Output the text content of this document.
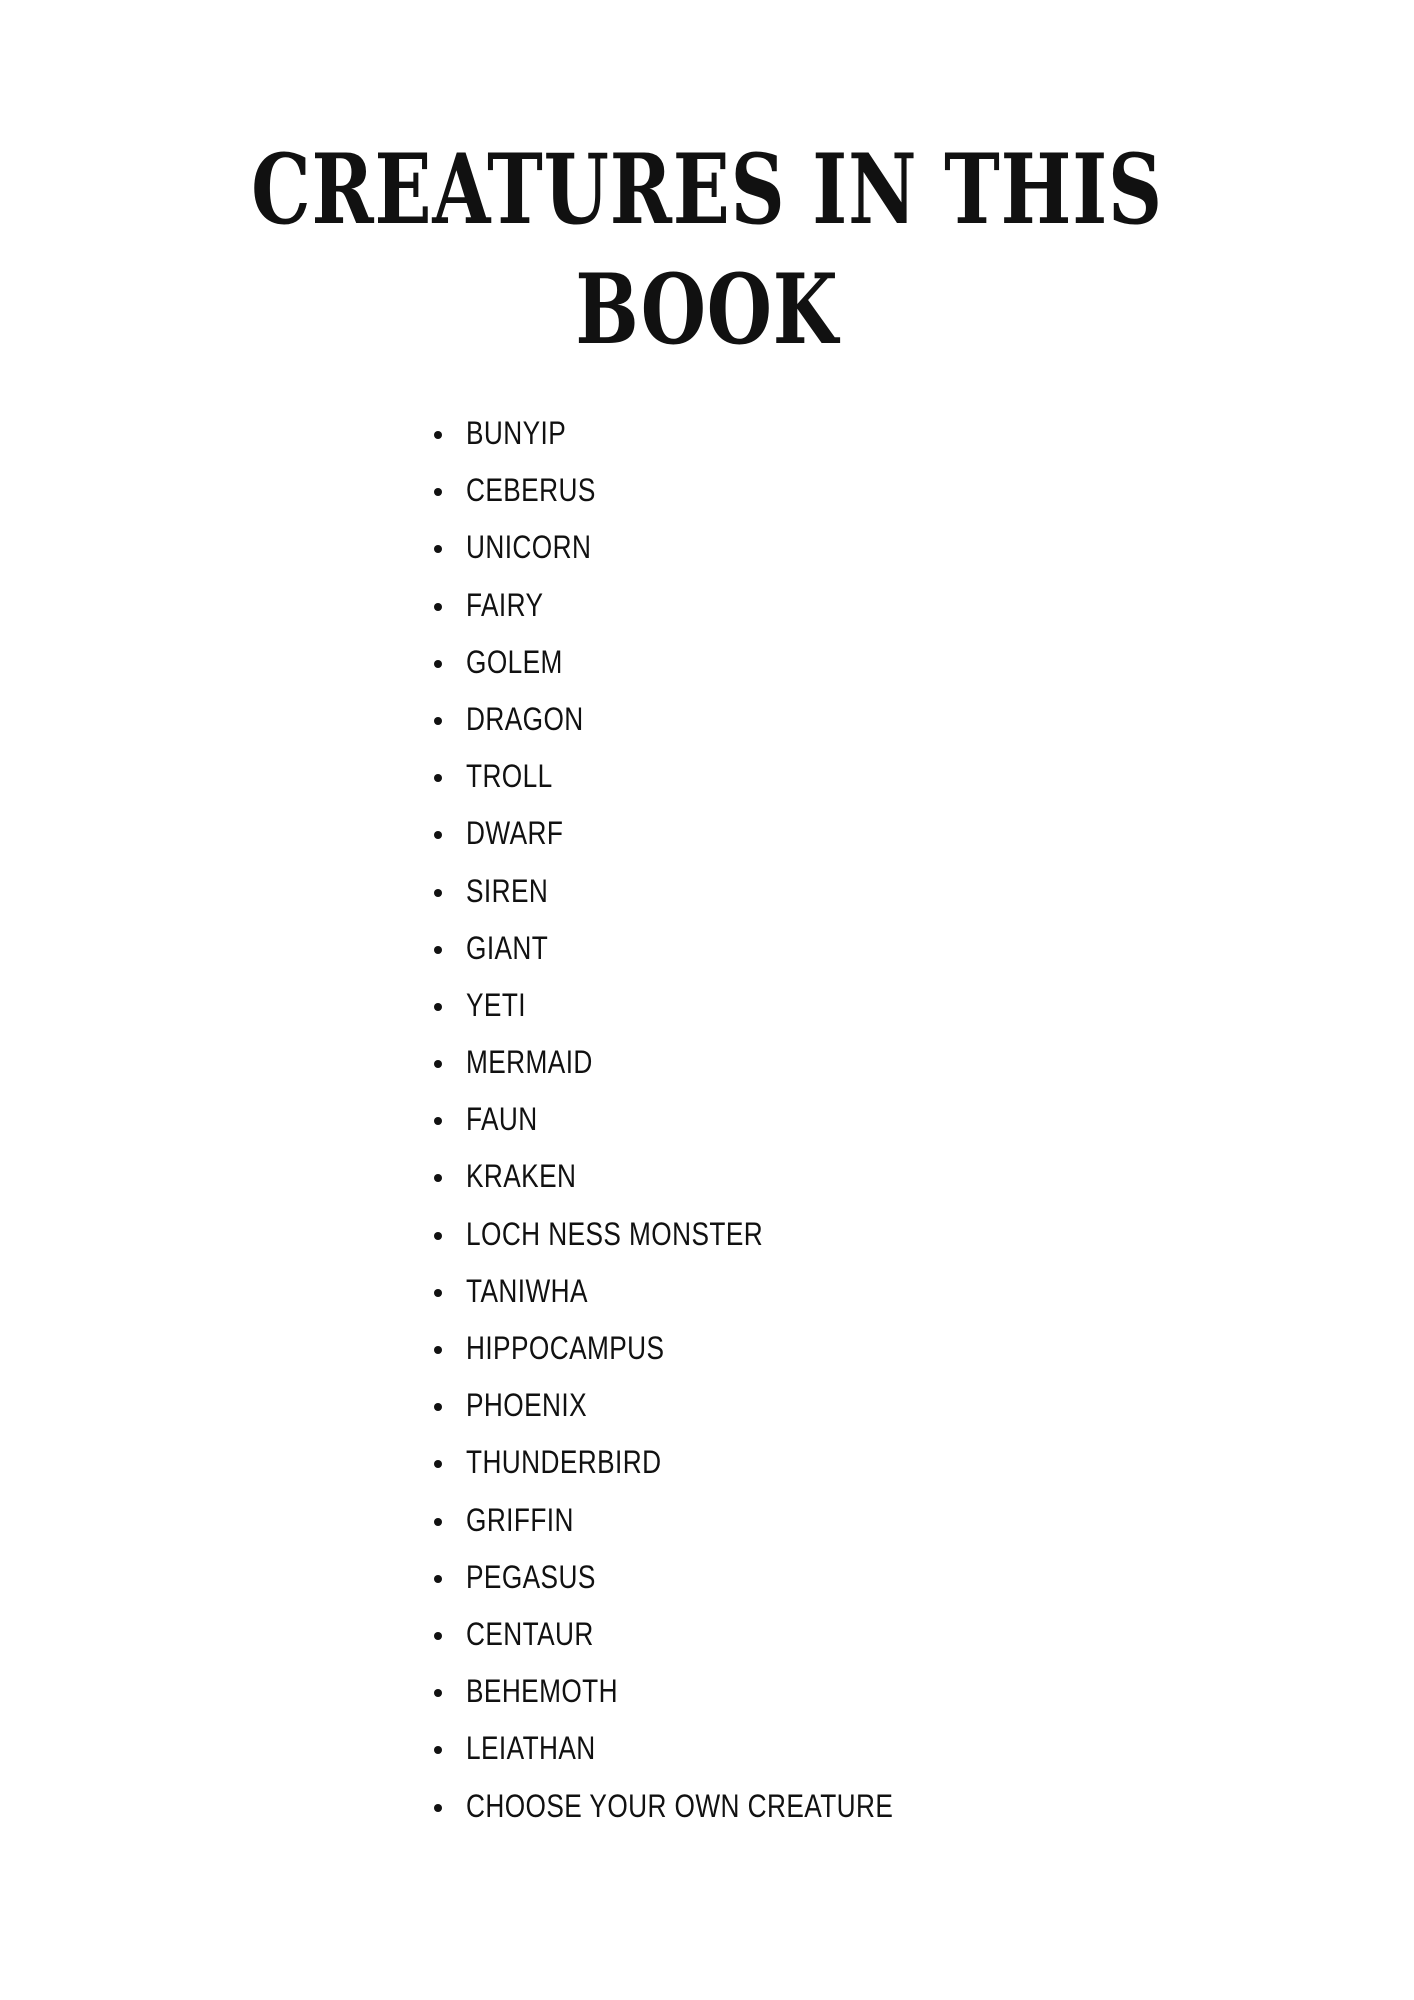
CREATURES IN THIS BOOK
BUNYIP
CEBERUS
UNICORN
FAIRY
GOLEM
DRAGON
TROLL
DWARF
SIREN
GIANT
YETI
MERMAID
FAUN
KRAKEN
LOCH NESS MONSTER
TANIWHA
HIPPOCAMPUS
PHOENIX
THUNDERBIRD
GRIFFIN
PEGASUS
CENTAUR
BEHEMOTH
LEIATHAN
CHOOSE YOUR OWN CREATURE
